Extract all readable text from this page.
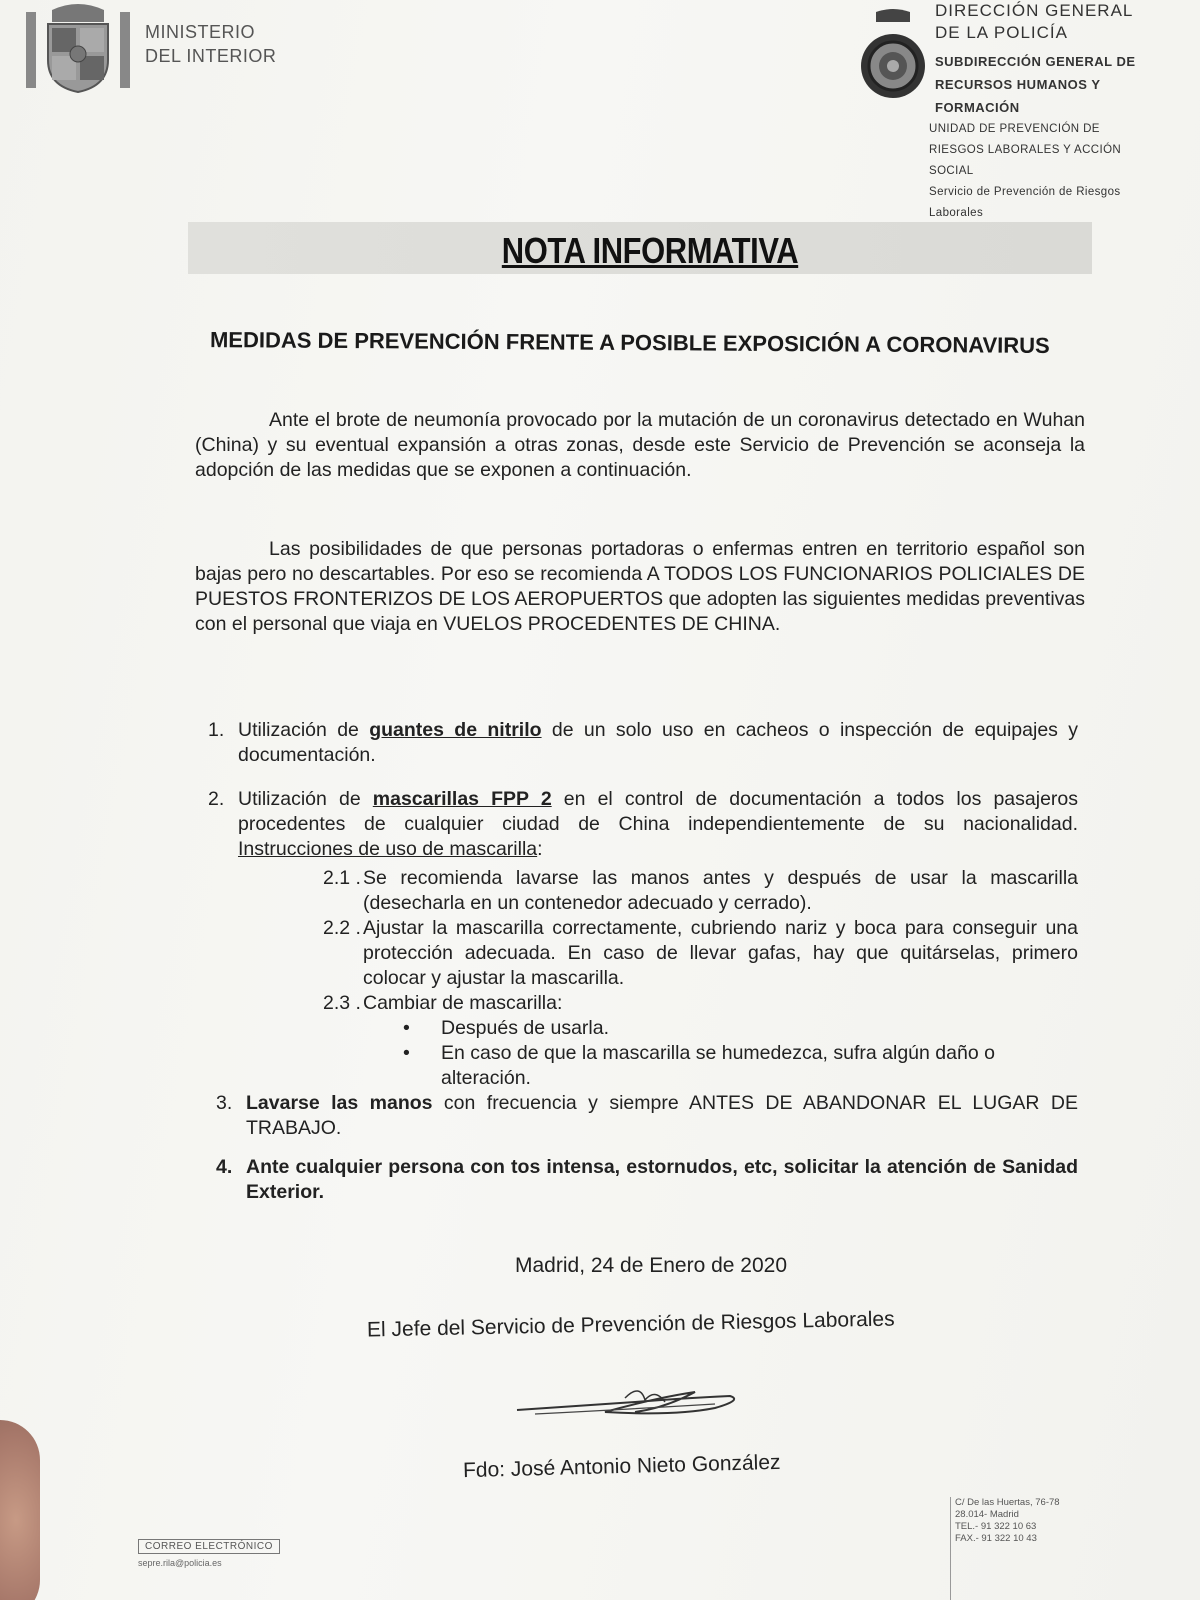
MINISTERIO
DEL INTERIOR
DIRECCIÓN GENERAL
DE LA POLICÍA
SUBDIRECCIÓN GENERAL DE
RECURSOS HUMANOS Y
FORMACIÓN
UNIDAD DE PREVENCIÓN DE
RIESGOS LABORALES Y ACCIÓN
SOCIAL
Servicio de Prevención de Riesgos
Laborales
NOTA INFORMATIVA
MEDIDAS DE PREVENCIÓN FRENTE A POSIBLE EXPOSICIÓN A CORONAVIRUS
Ante el brote de neumonía provocado por la mutación de un coronavirus detectado en Wuhan (China) y su eventual expansión a otras zonas, desde este Servicio de Prevención se aconseja la adopción de las medidas que se exponen a continuación.
Las posibilidades de que personas portadoras o enfermas entren en territorio español son bajas pero no descartables. Por eso se recomienda A TODOS LOS FUNCIONARIOS POLICIALES DE PUESTOS FRONTERIZOS DE LOS AEROPUERTOS que adopten las siguientes medidas preventivas con el personal que viaja en VUELOS PROCEDENTES DE CHINA.
1. Utilización de guantes de nitrilo de un solo uso en cacheos o inspección de equipajes y documentación.
2. Utilización de mascarillas FPP 2 en el control de documentación a todos los pasajeros procedentes de cualquier ciudad de China independientemente de su nacionalidad. Instrucciones de uso de mascarilla:
2.1 . Se recomienda lavarse las manos antes y después de usar la mascarilla (desecharla en un contenedor adecuado y cerrado).
2.2 . Ajustar la mascarilla correctamente, cubriendo nariz y boca para conseguir una protección adecuada. En caso de llevar gafas, hay que quitárselas, primero colocar y ajustar la mascarilla.
2.3 . Cambiar de mascarilla:
• Después de usarla.
• En caso de que la mascarilla se humedezca, sufra algún daño o alteración.
3. Lavarse las manos con frecuencia y siempre ANTES DE ABANDONAR EL LUGAR DE TRABAJO.
4. Ante cualquier persona con tos intensa, estornudos, etc, solicitar la atención de Sanidad Exterior.
Madrid, 24 de Enero de 2020
El Jefe del Servicio de Prevención de Riesgos Laborales
Fdo: José Antonio Nieto González
CORREO ELECTRÓNICO
sepre.rila@policia.es
C/ De las Huertas, 76-78
28.014- Madrid
TEL.- 91 322 10 63
FAX.- 91 322 10 43
